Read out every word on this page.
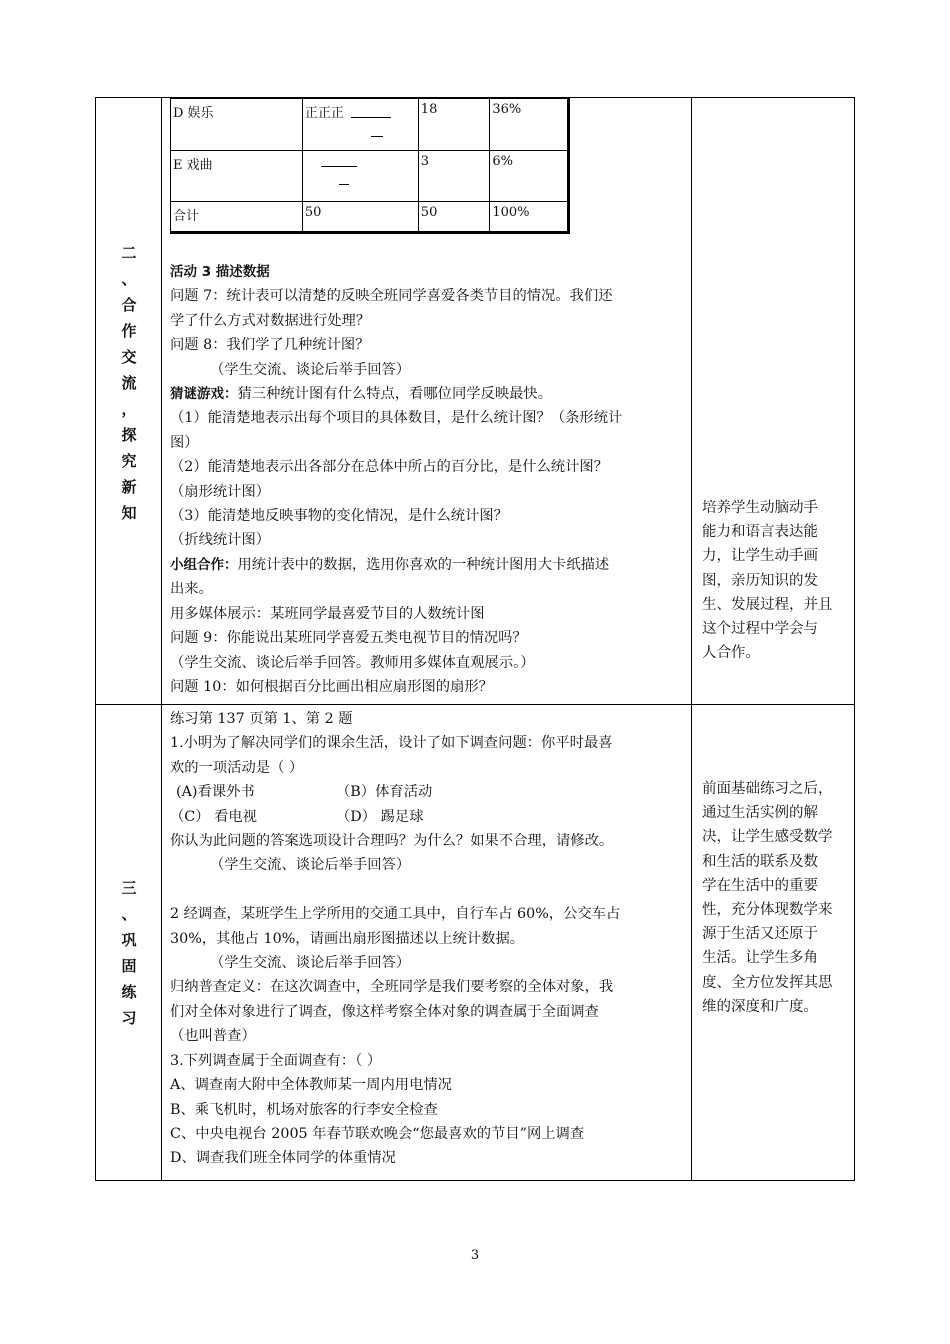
二
、
合
作
交
流
，
探
究
新
知
D 娱乐	正正正	18	36%
E 戏曲		3	6%
合计	50	50	100%

活动 3 描述数据

问题 7：统计表可以清楚的反映全班同学喜爱各类节目的情况。我们还

学了什么方式对数据进行处理？

问题 8：我们学了几种统计图？

（学生交流、谈论后举手回答）

猜谜游戏：猜三种统计图有什么特点，看哪位同学反映最快。

（1）能清楚地表示出每个项目的具体数目，是什么统计图？（条形统计

图）

（2）能清楚地表示出各部分在总体中所占的百分比，是什么统计图？

（扇形统计图）

（3）能清楚地反映事物的变化情况，是什么统计图？

（折线统计图）

小组合作：用统计表中的数据，选用你喜欢的一种统计图用大卡纸描述

出来。

用多媒体展示：某班同学最喜爱节目的人数统计图

问题 9：你能说出某班同学喜爱五类电视节目的情况吗？

（学生交流、谈论后举手回答。教师用多媒体直观展示。）

问题 10：如何根据百分比画出相应扇形图的扇形？

培养学生动脑动手
能力和语言表达能
力，让学生动手画
图，亲历知识的发
生、发展过程，并且
这个过程中学会与
人合作。
三
、
巩
固
练
习

练习第 137 页第 1、第 2 题

1.小明为了解决同学们的课余生活，设计了如下调查问题：你平时最喜

欢的一项活动是（ ）

(A)看课外书	（B）体育活动

（C） 看电视	（D） 踢足球

你认为此问题的答案选项设计合理吗？为什么？如果不合理，请修改。

（学生交流、谈论后举手回答）

2 经调查，某班学生上学所用的交通工具中，自行车占 60%，公交车占

30%，其他占 10%，请画出扇形图描述以上统计数据。

（学生交流、谈论后举手回答）

归纳普查定义：在这次调查中，全班同学是我们要考察的全体对象，我

们对全体对象进行了调查，像这样考察全体对象的调查属于全面调查

（也叫普查）

3.下列调查属于全面调查有：（ ）

A、调查南大附中全体教师某一周内用电情况

B、乘飞机时，机场对旅客的行李安全检查

C、中央电视台 2005 年春节联欢晚会“您最喜欢的节目”网上调查

D、调查我们班全体同学的体重情况

前面基础练习之后，
通过生活实例的解
决，让学生感受数学
和生活的联系及数
学在生活中的重要
性，充分体现数学来
源于生活又还原于
生活。让学生多角
度、全方位发挥其思
维的深度和广度。
3
